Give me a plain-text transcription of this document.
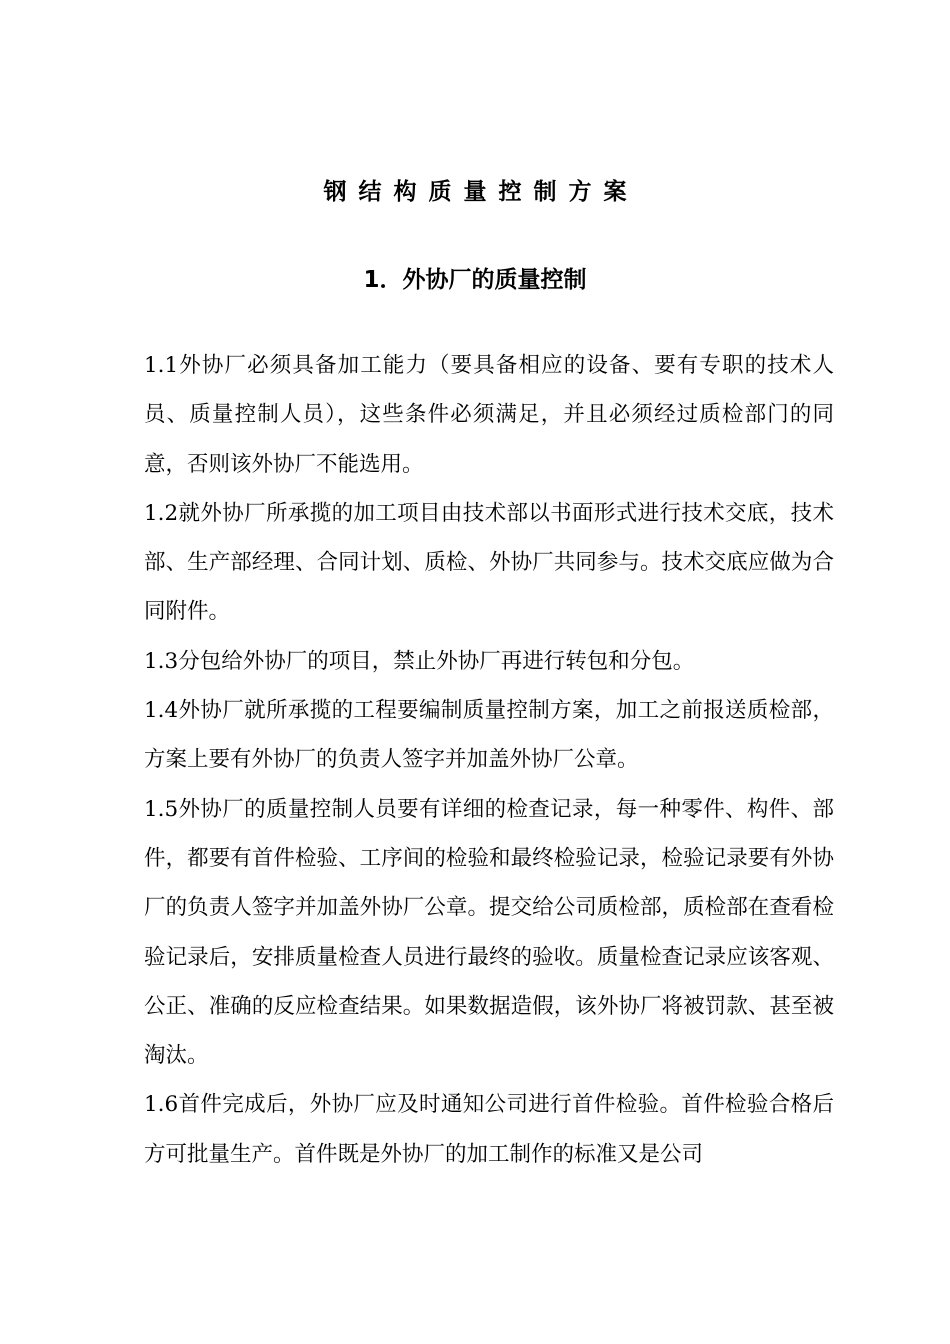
钢结构质量控制方案
1．外协厂的质量控制

1.1外协厂必须具备加工能力（要具备相应的设备、要有专职的技术人员、质量控制人员），这些条件必须满足，并且必须经过质检部门的同意，否则该外协厂不能选用。

1.2就外协厂所承揽的加工项目由技术部以书面形式进行技术交底，技术部、生产部经理、合同计划、质检、外协厂共同参与。技术交底应做为合同附件。

1.3分包给外协厂的项目，禁止外协厂再进行转包和分包。

1.4外协厂就所承揽的工程要编制质量控制方案，加工之前报送质检部，方案上要有外协厂的负责人签字并加盖外协厂公章。

1.5外协厂的质量控制人员要有详细的检查记录，每一种零件、构件、部件，都要有首件检验、工序间的检验和最终检验记录，检验记录要有外协厂的负责人签字并加盖外协厂公章。提交给公司质检部，质检部在查看检验记录后，安排质量检查人员进行最终的验收。质量检查记录应该客观、公正、准确的反应检查结果。如果数据造假，该外协厂将被罚款、甚至被淘汰。

1.6首件完成后，外协厂应及时通知公司进行首件检验。首件检验合格后方可批量生产。首件既是外协厂的加工制作的标准又是公司
